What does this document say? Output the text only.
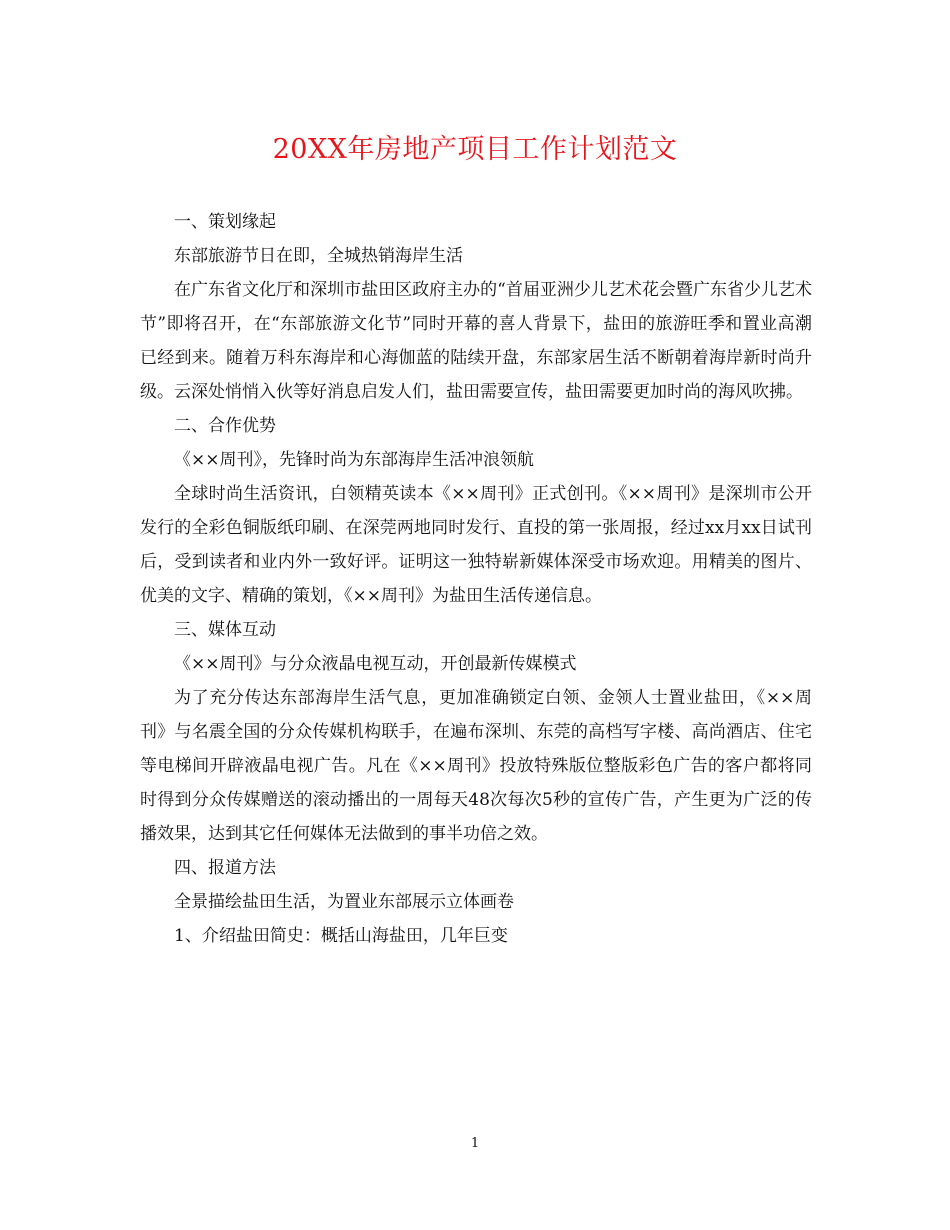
20XX年房地产项目工作计划范文

一、策划缘起

东部旅游节日在即，全城热销海岸生活

在广东省文化厅和深圳市盐田区政府主办的“首届亚洲少儿艺术花会暨广东省少儿艺术节”即将召开，在“东部旅游文化节”同时开幕的喜人背景下，盐田的旅游旺季和置业高潮已经到来。随着万科东海岸和心海伽蓝的陆续开盘，东部家居生活不断朝着海岸新时尚升级。云深处悄悄入伙等好消息启发人们，盐田需要宣传，盐田需要更加时尚的海风吹拂。

二、合作优势

《××周刊》，先锋时尚为东部海岸生活冲浪领航

全球时尚生活资讯，白领精英读本《××周刊》正式创刊。《××周刊》是深圳市公开发行的全彩色铜版纸印刷、在深莞两地同时发行、直投的第一张周报，经过xx月xx日试刊后，受到读者和业内外一致好评。证明这一独特崭新媒体深受市场欢迎。用精美的图片、优美的文字、精确的策划，《××周刊》为盐田生活传递信息。

三、媒体互动

《××周刊》与分众液晶电视互动，开创最新传媒模式

为了充分传达东部海岸生活气息，更加准确锁定白领、金领人士置业盐田，《××周刊》与名震全国的分众传媒机构联手，在遍布深圳、东莞的高档写字楼、高尚酒店、住宅等电梯间开辟液晶电视广告。凡在《××周刊》投放特殊版位整版彩色广告的客户都将同时得到分众传媒赠送的滚动播出的一周每天48次每次5秒的宣传广告，产生更为广泛的传播效果，达到其它任何媒体无法做到的事半功倍之效。

四、报道方法

全景描绘盐田生活，为置业东部展示立体画卷

1、介绍盐田简史：概括山海盐田，几年巨变

1
